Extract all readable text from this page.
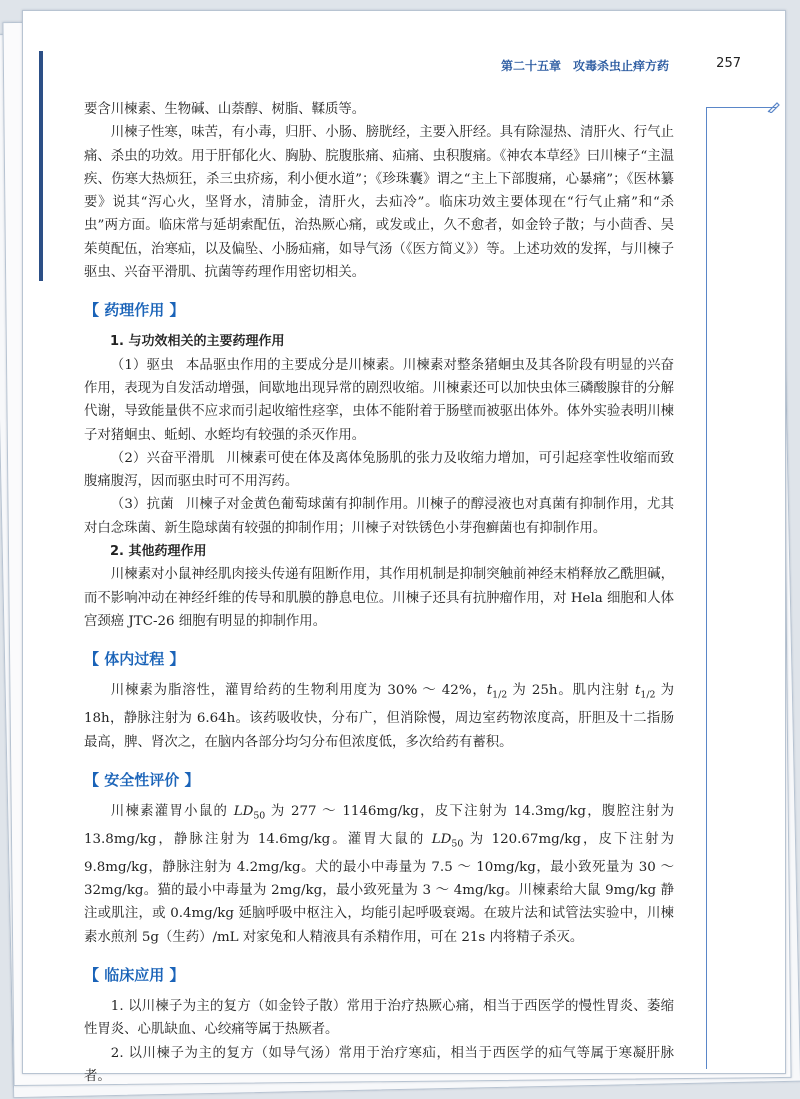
第二十五章　攻毒杀虫止痒方药	257

要含川楝素、生物碱、山萘醇、树脂、鞣质等。

川楝子性寒，味苦，有小毒，归肝、小肠、膀胱经，主要入肝经。具有除湿热、清肝火、行气止痛、杀虫的功效。用于肝郁化火、胸胁、脘腹胀痛、疝痛、虫积腹痛。《神农本草经》曰川楝子“主温疾、伤寒大热烦狂，杀三虫疥疡，利小便水道”；《珍珠囊》谓之“主上下部腹痛，心暴痛”；《医林纂要》说其“泻心火，坚肾水，清肺金，清肝火，去疝冷”。临床功效主要体现在“行气止痛”和“杀虫”两方面。临床常与延胡索配伍，治热厥心痛，或发或止，久不愈者，如金铃子散；与小茴香、吴茱萸配伍，治寒疝，以及偏坠、小肠疝痛，如导气汤（《医方简义》）等。上述功效的发挥，与川楝子驱虫、兴奋平滑肌、抗菌等药理作用密切相关。

【 药理作用 】

1. 与功效相关的主要药理作用

（1）驱虫 本品驱虫作用的主要成分是川楝素。川楝素对整条猪蛔虫及其各阶段有明显的兴奋作用，表现为自发活动增强，间歇地出现异常的剧烈收缩。川楝素还可以加快虫体三磷酸腺苷的分解代谢，导致能量供不应求而引起收缩性痉挛，虫体不能附着于肠壁而被驱出体外。体外实验表明川楝子对猪蛔虫、蚯蚓、水蛭均有较强的杀灭作用。

（2）兴奋平滑肌 川楝素可使在体及离体兔肠肌的张力及收缩力增加，可引起痉挛性收缩而致腹痛腹泻，因而驱虫时可不用泻药。

（3）抗菌 川楝子对金黄色葡萄球菌有抑制作用。川楝子的醇浸液也对真菌有抑制作用，尤其对白念珠菌、新生隐球菌有较强的抑制作用；川楝子对铁锈色小芽孢癣菌也有抑制作用。

2. 其他药理作用

川楝素对小鼠神经肌肉接头传递有阻断作用，其作用机制是抑制突触前神经末梢释放乙酰胆碱，而不影响冲动在神经纤维的传导和肌膜的静息电位。川楝子还具有抗肿瘤作用，对 Hela 细胞和人体宫颈癌 JTC-26 细胞有明显的抑制作用。

【 体内过程 】

川楝素为脂溶性，灌胃给药的生物利用度为 30% ～ 42%，$t_{1/2}$ 为 25h。肌内注射 $t_{1/2}$ 为 18h，静脉注射为 6.64h。该药吸收快，分布广，但消除慢，周边室药物浓度高，肝胆及十二指肠最高，脾、肾次之，在脑内各部分均匀分布但浓度低，多次给药有蓄积。

【 安全性评价 】

川楝素灌胃小鼠的 $LD_{50}$ 为 277 ～ 1146mg/kg，皮下注射为 14.3mg/kg，腹腔注射为 13.8mg/kg，静脉注射为 14.6mg/kg。灌胃大鼠的 $LD_{50}$ 为 120.67mg/kg，皮下注射为 9.8mg/kg，静脉注射为 4.2mg/kg。犬的最小中毒量为 7.5 ～ 10mg/kg，最小致死量为 30 ～ 32mg/kg。猫的最小中毒量为 2mg/kg，最小致死量为 3 ～ 4mg/kg。川楝素给大鼠 9mg/kg 静注或肌注，或 0.4mg/kg 延脑呼吸中枢注入，均能引起呼吸衰竭。在玻片法和试管法实验中，川楝素水煎剂 5g（生药）/mL 对家兔和人精液具有杀精作用，可在 21s 内将精子杀灭。

【 临床应用 】

1. 以川楝子为主的复方（如金铃子散）常用于治疗热厥心痛，相当于西医学的慢性胃炎、萎缩性胃炎、心肌缺血、心绞痛等属于热厥者。

2. 以川楝子为主的复方（如导气汤）常用于治疗寒疝，相当于西医学的疝气等属于寒凝肝脉者。
